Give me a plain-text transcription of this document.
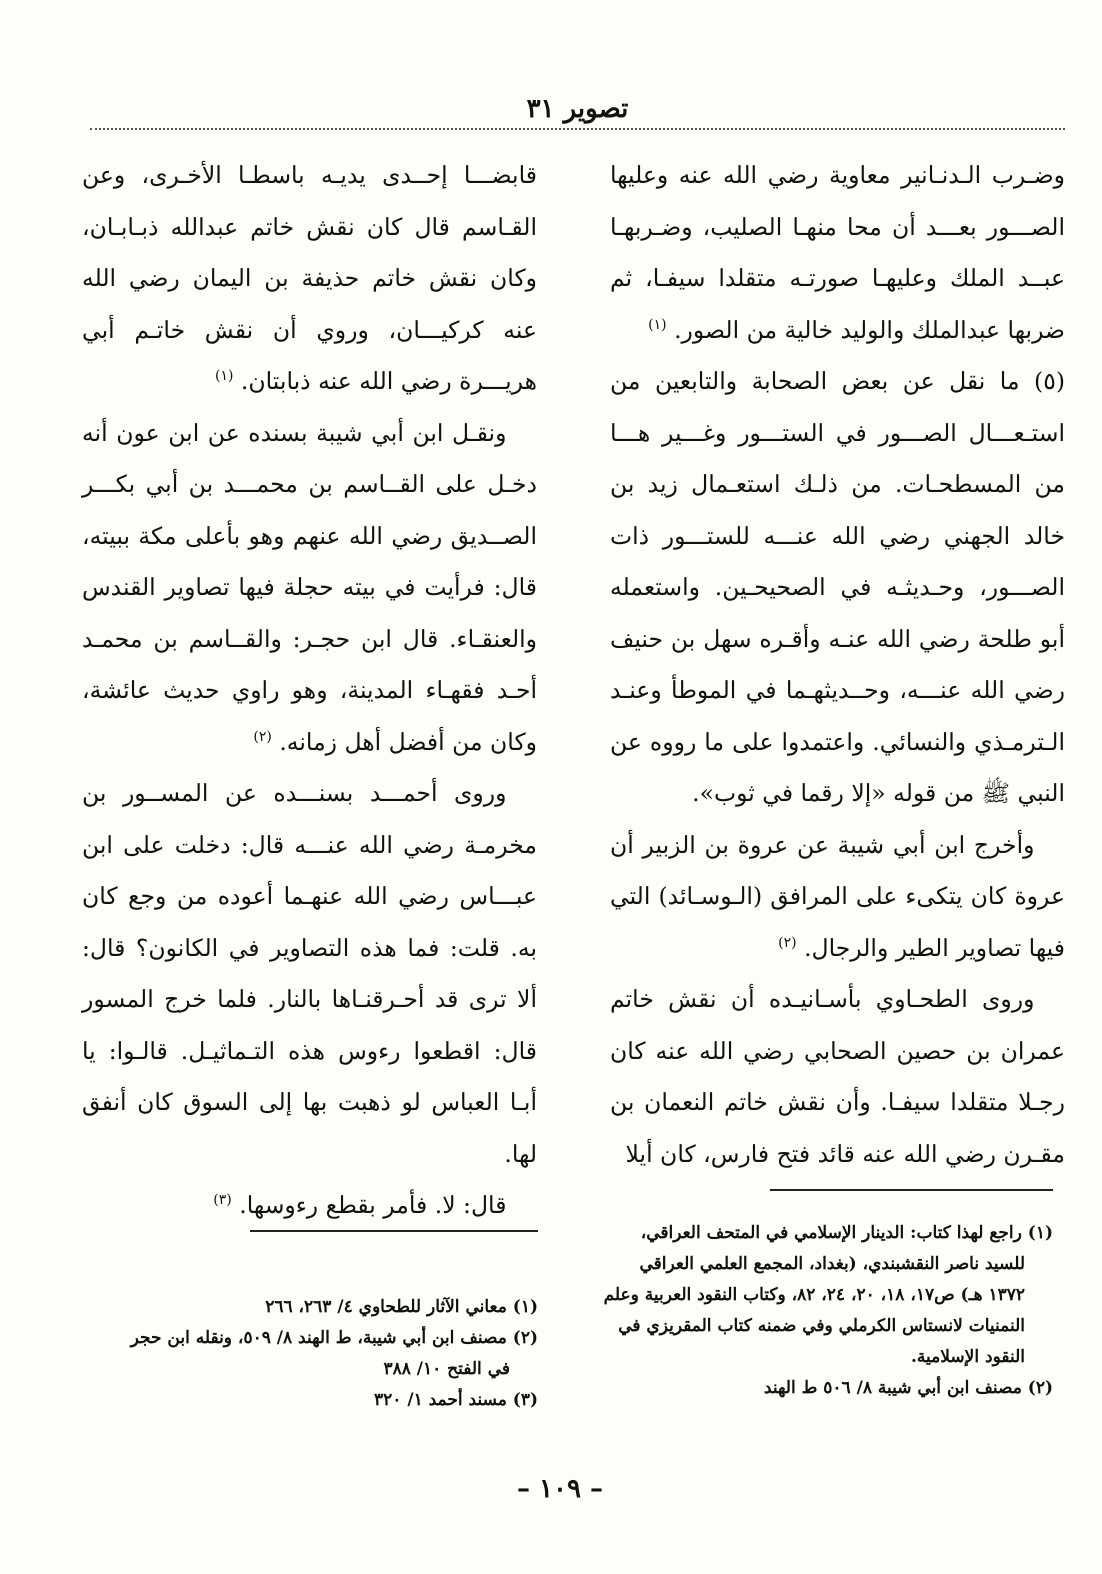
تصوير ٣١

وضـرب الـدنـانير معاوية رضي الله عنه وعليها الصـــور بعـــد أن محا منهـا الصليب، وضـربهـا عبــد الملك وعليهـا صورتـه متقلدا سيفـا، ثم ضربها عبدالملك والوليد خالية من الصور. $^{(١)}$

(٥) ما نقل عن بعض الصحابة والتابعين من استـعـــال الصـــور في الستـــور وغـــير هـــا من المسطحـات. من ذلـك استعـمال زيد بن خالد الجهني رضي الله عنـــه للستـــور ذات الصـــور، وحـديثـه في الصحيحـين. واستعمله أبو طلحة رضي الله عنـه وأقـره سهل بن حنيف رضي الله عنـــه، وحــديثهـما في الموطأ وعنـد الـترمـذي والنسائي. واعتمدوا على ما رووه عن النبي ﷺ من قوله «إلا رقما في ثوب».

وأخرج ابن أبي شيبة عن عروة بن الزبير أن عروة كان يتكىء على المرافق (الـوسـائد) التي فيها تصاوير الطير والرجال. $^{(٢)}$

وروى الطحـاوي بأسـانيـده أن نقش خاتم عمران بن حصين الصحابي رضي الله عنه كان رجـلا متقلدا سيفـا. وأن نقش خاتم النعمان بن مقـرن رضي الله عنه قائد فتح فارس، كان أيلا

قابضـــا إحــدى يديـه باسطـا الأخـرى، وعن القـاسم قال كان نقش خاتم عبدالله ذبـابـان، وكان نقش خاتم حذيفة بن اليمان رضي الله عنه كركيـــان، وروي أن نقش خاتـم أبي هريـــرة رضي الله عنه ذبابتان. $^{(١)}$

ونقـل ابن أبي شيبة بسنده عن ابن عون أنه دخـل على القــاسم بن محمـــد بن أبي بكـــر الصــديق رضي الله عنهم وهو بأعلى مكة ببيته، قال: فرأيت في بيته حجلة فيها تصاوير القندس والعنقـاء. قال ابن حجـر: والقــاسم بن محمـد أحـد فقهـاء المدينة، وهو راوي حديث عائشة، وكان من أفضل أهل زمانه. $^{(٢)}$

وروى أحمـــد بسنـــده عن المســور بن مخرمـة رضي الله عنـــه قال: دخلت على ابن عبـــاس رضي الله عنهـما أعوده من وجع كان به. قلت: فما هذه التصاوير في الكانون؟ قال: ألا ترى قد أحـرقنـاها بالنار. فلما خرج المسور قال: اقطعوا رءوس هذه التـماثيـل. قالـوا: يا أبـا العباس لو ذهبت بها إلى السوق كان أنفق لها.

قال: لا. فأمر بقطع رءوسها. $^{(٣)}$

(١) راجع لهذا كتاب: الدينار الإسلامي في المتحف العراقي،

للسيد ناصر النقشبندي، (بغداد، المجمع العلمي العراقي ١٣٧٢ هـ) ص١٧، ١٨، ٢٠، ٢٤، ٨٢، وكتاب النقود العربية وعلم النمنيات لانستاس الكرملي وفي ضمنه كتاب المقريزي في النقود الإسلامية.

(٢) مصنف ابن أبي شيبة ٨/ ٥٠٦ ط الهند

(١) معاني الآثار للطحاوي ٤/ ٢٦٣، ٢٦٦

(٢) مصنف ابن أبي شيبة، ط الهند ٨/ ٥٠٩، ونقله ابن حجر

في الفتح ١٠/ ٣٨٨

(٣) مسند أحمد ١/ ٣٢٠

– ١٠٩ –
